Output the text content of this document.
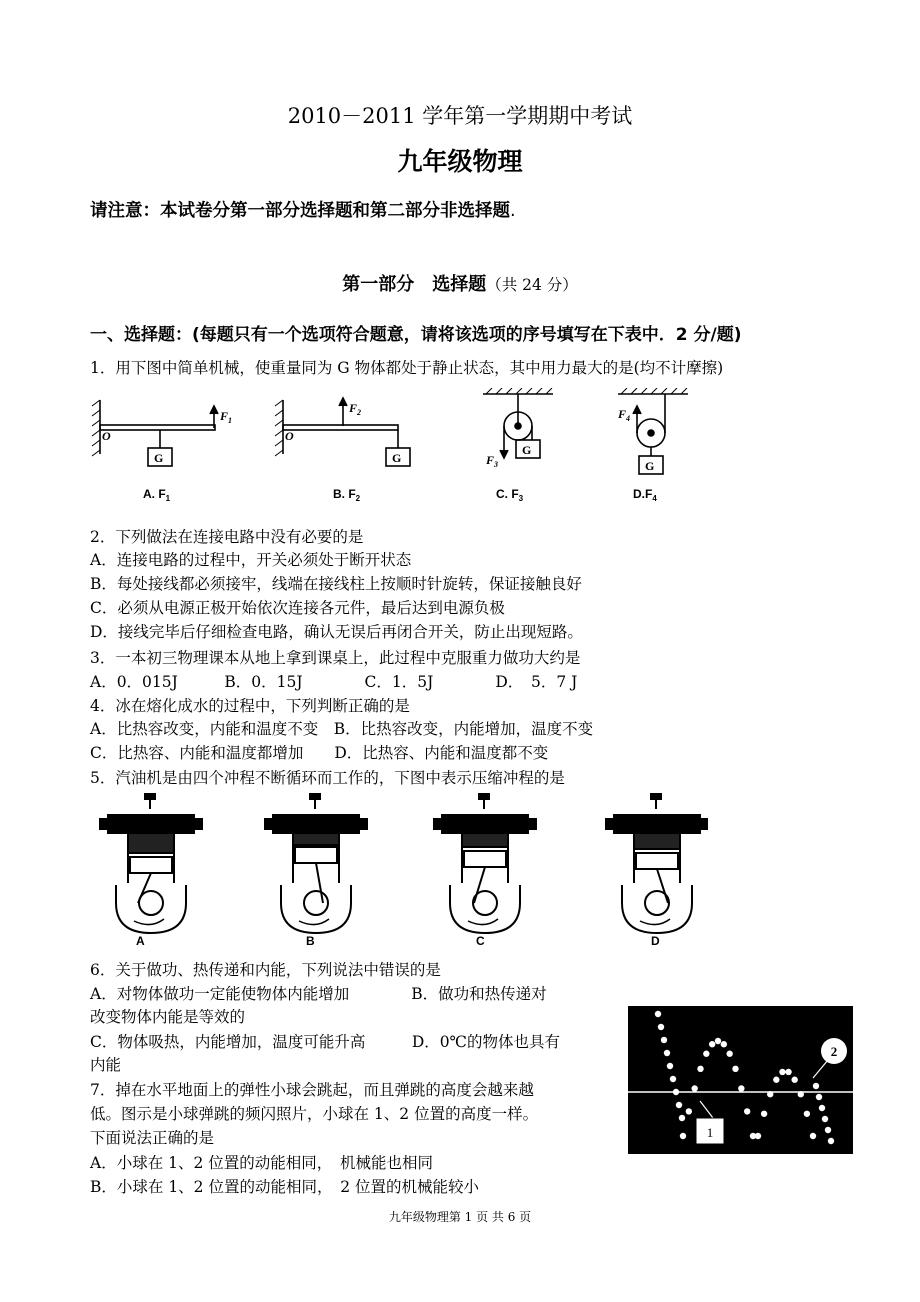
2010－2011 学年第一学期期中考试
九年级物理
请注意：本试卷分第一部分选择题和第二部分非选择题.
第一部分　选择题（共 24 分）
一、选择题：(每题只有一个选项符合题意，请将该选项的序号填写在下表中．2 分/题)
1．用下图中简单机械，使重量同为 G 物体都处于静止状态，其中用力最大的是(均不计摩擦)
O	O
G	G
G
G
$F_1$
$F_2$
$F_3$
$F_4$
A. $F_1$	B. $F_2$	C. $F_3$	$D.F_4$
2．下列做法在连接电路中没有必要的是
A．连接电路的过程中，开关必须处于断开状态
B．每处接线都必须接牢，线端在接线柱上按顺时针旋转，保证接触良好
C．必须从电源正极开始依次连接各元件，最后达到电源负极
D．接线完毕后仔细检查电路，确认无误后再闭合开关，防止出现短路。
3．一本初三物理课本从地上拿到课桌上，此过程中克服重力做功大约是
A．0．015J　　　B．0．15J　　　　C．1．5J　　　　D．　5．7 J
4．冰在熔化成水的过程中，下列判断正确的是
A．比热容改变，内能和温度不变　B．比热容改变，内能增加，温度不变
C．比热容、内能和温度都增加　　D．比热容、内能和温度都不变
5．汽油机是由四个冲程不断循环而工作的，下图中表示压缩冲程的是
A	B	C	D
6．关于做功、热传递和内能，下列说法中错误的是
A．对物体做功一定能使物体内能增加　　　　B．做功和热传递对
改变物体内能是等效的
C．物体吸热，内能增加，温度可能升高　　　D．0℃的物体也具有
内能
7．掉在水平地面上的弹性小球会跳起，而且弹跳的高度会越来越
低。图示是小球弹跳的频闪照片，小球在 1、2 位置的高度一样。
下面说法正确的是
A．小球在 1、2 位置的动能相同，　机械能也相同
B．小球在 1、2 位置的动能相同，　2 位置的机械能较小
1
2
九年级物理第 1 页 共 6 页
